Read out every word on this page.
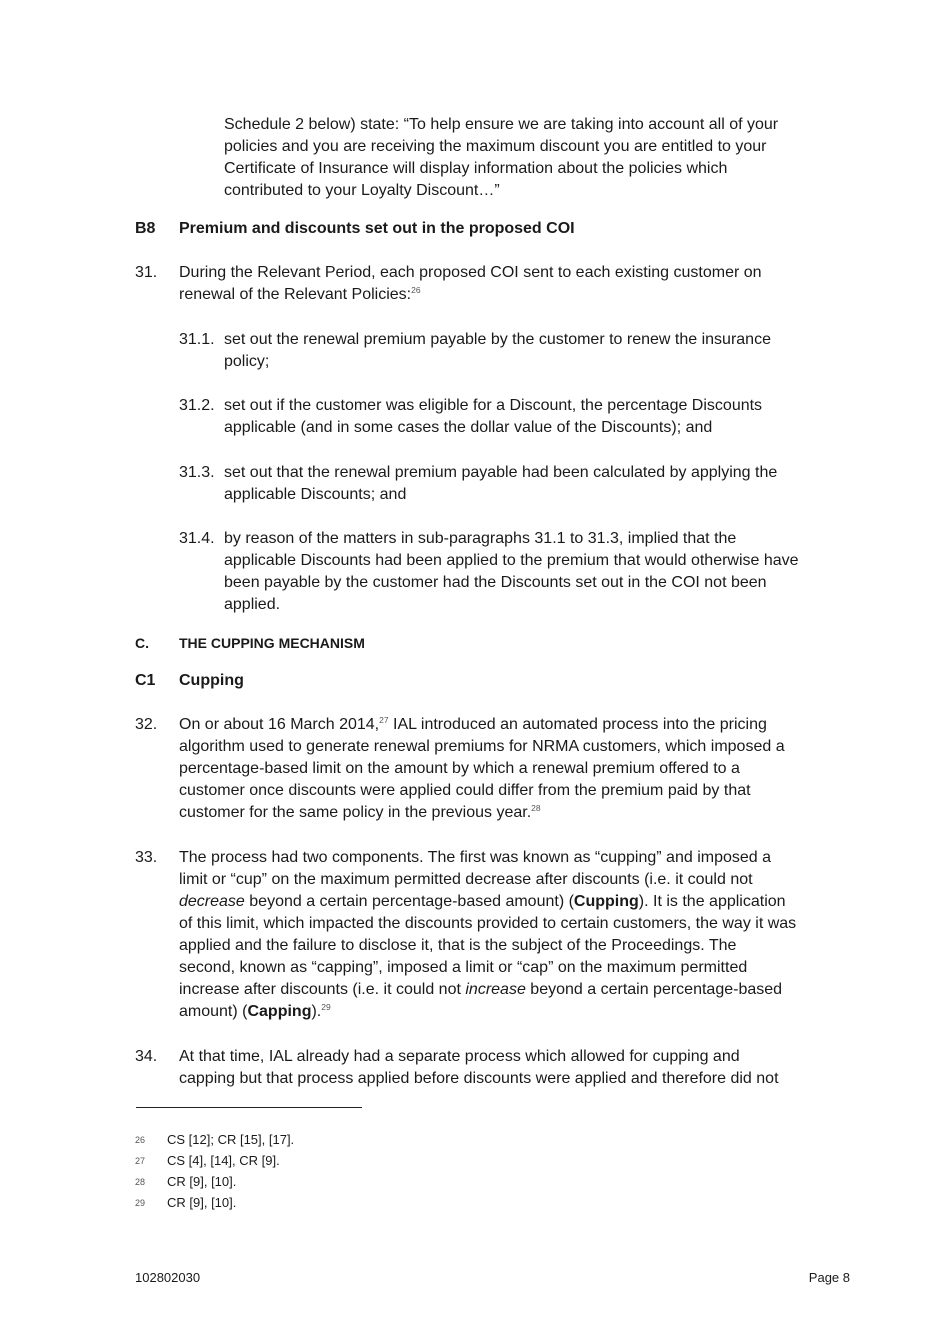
Schedule 2 below) state: “To help ensure we are taking into account all of your
policies and you are receiving the maximum discount you are entitled to your
Certificate of Insurance will display information about the policies which
contributed to your Loyalty Discount…”
B8 Premium and discounts set out in the proposed COI
31. During the Relevant Period, each proposed COI sent to each existing customer on
renewal of the Relevant Policies:$^{26}$
31.1. set out the renewal premium payable by the customer to renew the insurance
policy;
31.2. set out if the customer was eligible for a Discount, the percentage Discounts
applicable (and in some cases the dollar value of the Discounts); and
31.3. set out that the renewal premium payable had been calculated by applying the
applicable Discounts; and
31.4. by reason of the matters in sub-paragraphs 31.1 to 31.3, implied that the
applicable Discounts had been applied to the premium that would otherwise have
been payable by the customer had the Discounts set out in the COI not been
applied.
C. THE CUPPING MECHANISM
C1 Cupping
32. On or about 16 March 2014,27 IAL introduced an automated process into the pricing
algorithm used to generate renewal premiums for NRMA customers, which imposed a
percentage-based limit on the amount by which a renewal premium offered to a
customer once discounts were applied could differ from the premium paid by that
customer for the same policy in the previous year.$^{28}$
33. The process had two components. The first was known as “cupping” and imposed a
limit or “cup” on the maximum permitted decrease after discounts (i.e. it could not
decrease beyond a certain percentage-based amount) (Cupping). It is the application
of this limit, which impacted the discounts provided to certain customers, the way it was
applied and the failure to disclose it, that is the subject of the Proceedings. The
second, known as “capping”, imposed a limit or “cap” on the maximum permitted
increase after discounts (i.e. it could not increase beyond a certain percentage-based
amount) (Capping).$^{29}$
34. At that time, IAL already had a separate process which allowed for cupping and
capping but that process applied before discounts were applied and therefore did not
26	CS [12]; CR [15], [17].
27	CS [4], [14], CR [9].
28	CR [9], [10].
29	CR [9], [10].
102802030	Page 8
